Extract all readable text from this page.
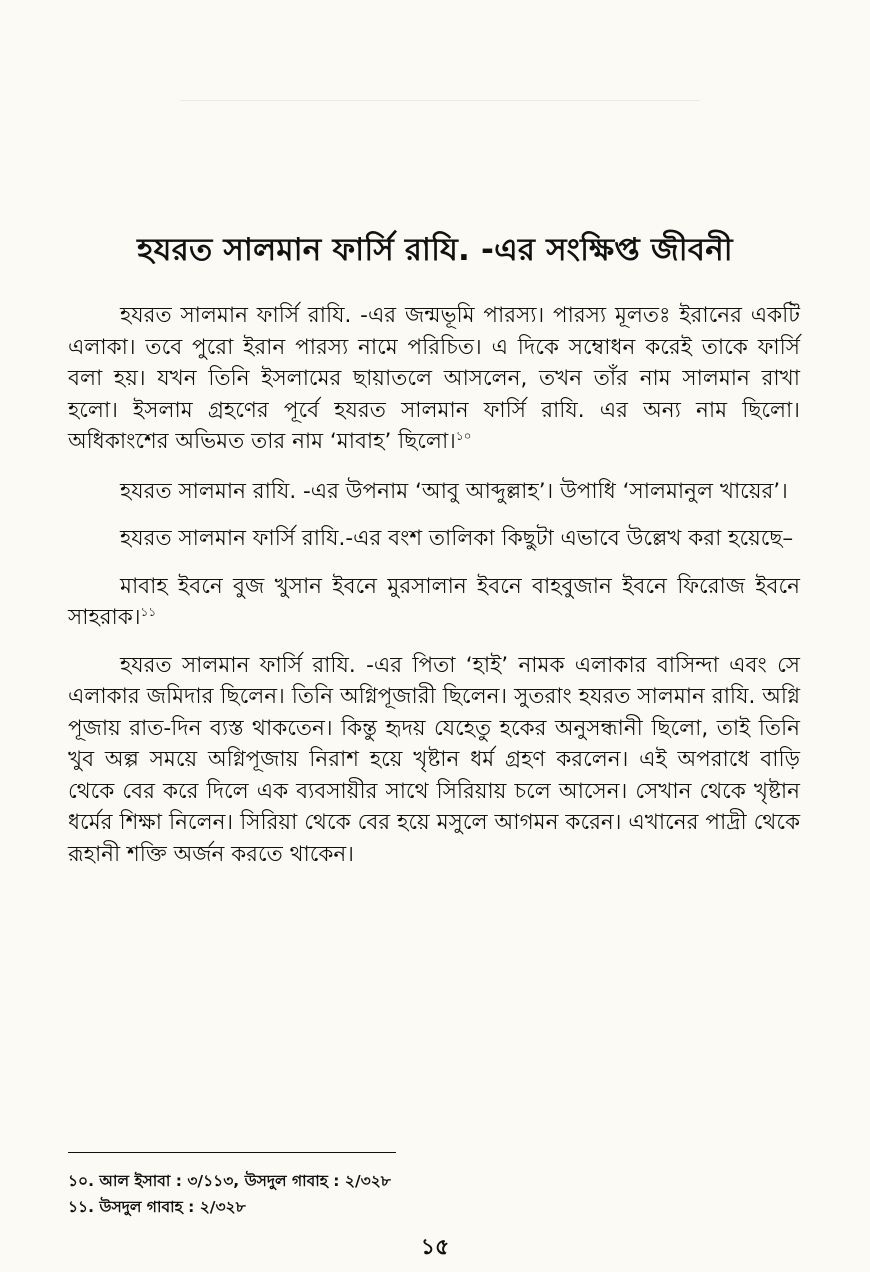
হযরত সালমান ফার্সি রাযি. -এর সংক্ষিপ্ত জীবনী

হযরত সালমান ফার্সি রাযি. -এর জন্মভূমি পারস্য। পারস্য মূলতঃ ইরানের একটি এলাকা। তবে পুরো ইরান পারস্য নামে পরিচিত। এ দিকে সম্বোধন করেই তাকে ফার্সি বলা হয়। যখন তিনি ইসলামের ছায়াতলে আসলেন, তখন তাঁর নাম সালমান রাখা হলো। ইসলাম গ্রহণের পূর্বে হযরত সালমান ফার্সি রাযি. এর অন্য নাম ছিলো। অধিকাংশের অভিমত তার নাম ‘মাবাহ’ ছিলো।$^{১০}$

হযরত সালমান রাযি. -এর উপনাম ‘আবু আব্দুল্লাহ’। উপাধি ‘সালমানুল খায়ের’।

হযরত সালমান ফার্সি রাযি.-এর বংশ তালিকা কিছুটা এভাবে উল্লেখ করা হয়েছে–

মাবাহ ইবনে বুজ খুসান ইবনে মুরসালান ইবনে বাহবুজান ইবনে ফিরোজ ইবনে সাহরাক।$^{১১}$

হযরত সালমান ফার্সি রাযি. -এর পিতা ‘হাই’ নামক এলাকার বাসিন্দা এবং সে এলাকার জমিদার ছিলেন। তিনি অগ্নিপূজারী ছিলেন। সুতরাং হযরত সালমান রাযি. অগ্নি পূজায় রাত-দিন ব্যস্ত থাকতেন। কিন্তু হৃদয় যেহেতু হকের অনুসন্ধানী ছিলো, তাই তিনি খুব অল্প সময়ে অগ্নিপূজায় নিরাশ হয়ে খৃষ্টান ধর্ম গ্রহণ করলেন। এই অপরাধে বাড়ি থেকে বের করে দিলে এক ব্যবসায়ীর সাথে সিরিয়ায় চলে আসেন। সেখান থেকে খৃষ্টান ধর্মের শিক্ষা নিলেন। সিরিয়া থেকে বের হয়ে মসুলে আগমন করেন। এখানের পাদ্রী থেকে রূহানী শক্তি অর্জন করতে থাকেন।

১০. আল ইসাবা : ৩/১১৩, উসদুল গাবাহ : ২/৩২৮
১১. উসদুল গাবাহ : ২/৩২৮
১৫
